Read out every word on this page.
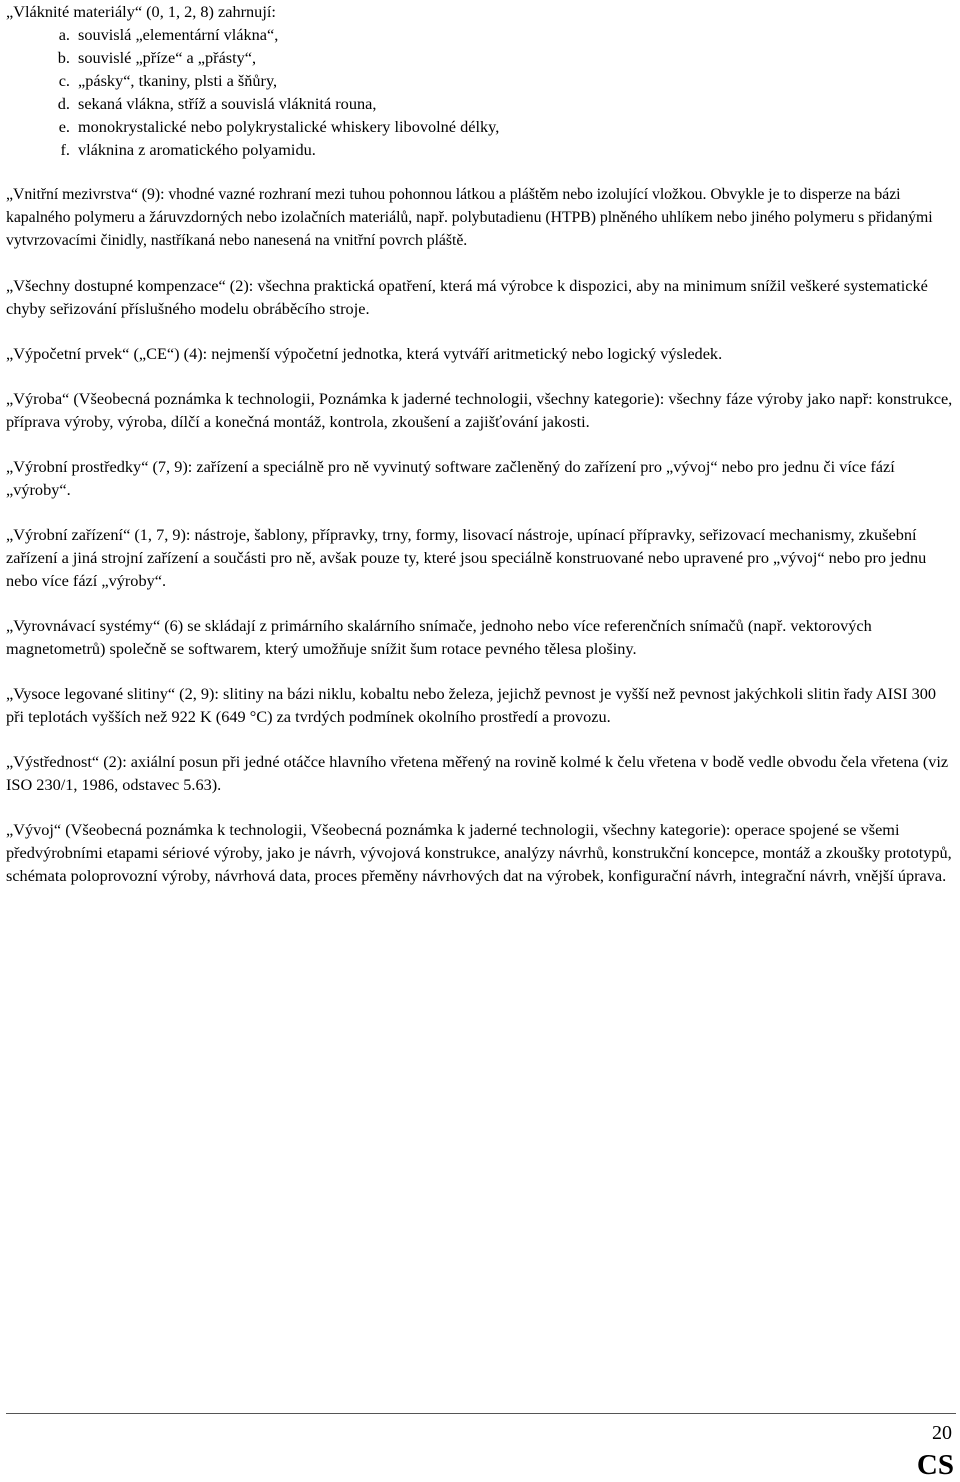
„Vláknité materiály“ (0, 1, 2, 8) zahrnují:

a. souvislá „elementární vlákna“,
b. souvislé „příze“ a „přásty“,
c. „pásky“, tkaniny, plsti a šňůry,
d. sekaná vlákna, stříž a souvislá vláknitá rouna,
e. monokrystalické nebo polykrystalické whiskery libovolné délky,
f. vláknina z aromatického polyamidu.

„Vnitřní mezivrstva“ (9): vhodné vazné rozhraní mezi tuhou pohonnou látkou a pláštěm nebo izolující vložkou. Obvykle je to disperze na bázi kapalného polymeru a žáruvzdorných nebo izolačních materiálů, např. polybutadienu (HTPB) plněného uhlíkem nebo jiného polymeru s přidanými vytvrzovacími činidly, nastříkaná nebo nanesená na vnitřní povrch pláště.

„Všechny dostupné kompenzace“ (2): všechna praktická opatření, která má výrobce k dispozici, aby na minimum snížil veškeré systematické chyby seřizování příslušného modelu obráběcího stroje.

„Výpočetní prvek“ („CE“) (4): nejmenší výpočetní jednotka, která vytváří aritmetický nebo logický výsledek.

„Výroba“ (Všeobecná poznámka k technologii, Poznámka k jaderné technologii, všechny kategorie): všechny fáze výroby jako např: konstrukce, příprava výroby, výroba, dílčí a konečná montáž, kontrola, zkoušení a zajišťování jakosti.

„Výrobní prostředky“ (7, 9): zařízení a speciálně pro ně vyvinutý software začleněný do zařízení pro „vývoj“ nebo pro jednu či více fází „výroby“.

„Výrobní zařízení“ (1, 7, 9): nástroje, šablony, přípravky, trny, formy, lisovací nástroje, upínací přípravky, seřizovací mechanismy, zkušební zařízení a jiná strojní zařízení a součásti pro ně, avšak pouze ty, které jsou speciálně konstruované nebo upravené pro „vývoj“ nebo pro jednu nebo více fází „výroby“.

„Vyrovnávací systémy“ (6) se skládají z primárního skalárního snímače, jednoho nebo více referenčních snímačů (např. vektorových magnetometrů) společně se softwarem, který umožňuje snížit šum rotace pevného tělesa plošiny.

„Vysoce legované slitiny“ (2, 9): slitiny na bázi niklu, kobaltu nebo železa, jejichž pevnost je vyšší než pevnost jakýchkoli slitin řady AISI 300 při teplotách vyšších než 922 K (649 °C) za tvrdých podmínek okolního prostředí a provozu.

„Výstřednost“ (2): axiální posun při jedné otáčce hlavního vřetena měřený na rovině kolmé k čelu vřetena v bodě vedle obvodu čela vřetena (viz ISO 230/1, 1986, odstavec 5.63).

„Vývoj“ (Všeobecná poznámka k technologii, Všeobecná poznámka k jaderné technologii, všechny kategorie): operace spojené se všemi předvýrobními etapami sériové výroby, jako je návrh, vývojová konstrukce, analýzy návrhů, konstrukční koncepce, montáž a zkoušky prototypů, schémata poloprovozní výroby, návrhová data, proces přeměny návrhových dat na výrobek, konfigurační návrh, integrační návrh, vnější úprava.

20
CS
